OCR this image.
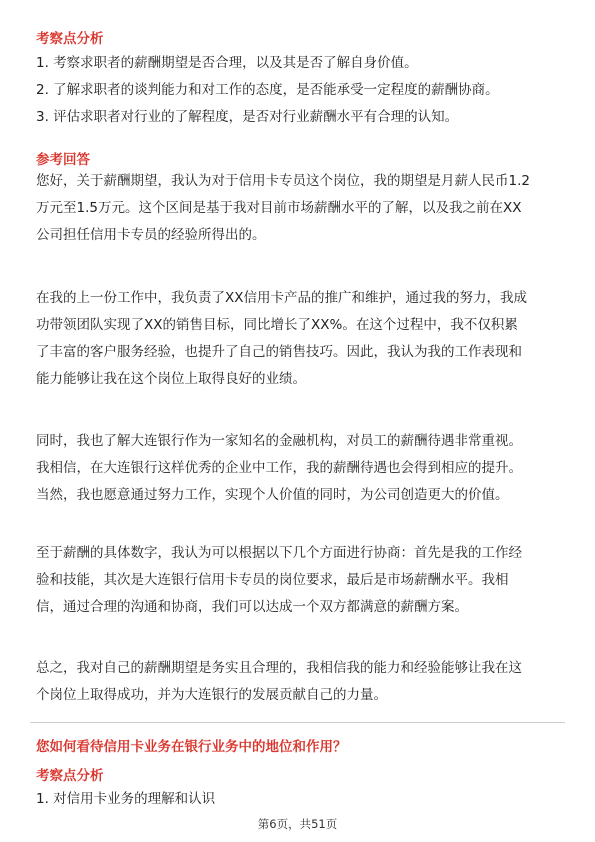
考察点分析
1. 考察求职者的薪酬期望是否合理，以及其是否了解自身价值。
2. 了解求职者的谈判能力和对工作的态度，是否能承受一定程度的薪酬协商。
3. 评估求职者对行业的了解程度，是否对行业薪酬水平有合理的认知。
参考回答
您好，关于薪酬期望，我认为对于信用卡专员这个岗位，我的期望是月薪人民币1.2
万元至1.5万元。这个区间是基于我对目前市场薪酬水平的了解，以及我之前在XX
公司担任信用卡专员的经验所得出的。
在我的上一份工作中，我负责了XX信用卡产品的推广和维护，通过我的努力，我成
功带领团队实现了XX的销售目标，同比增长了XX%。在这个过程中，我不仅积累
了丰富的客户服务经验，也提升了自己的销售技巧。因此，我认为我的工作表现和
能力能够让我在这个岗位上取得良好的业绩。
同时，我也了解大连银行作为一家知名的金融机构，对员工的薪酬待遇非常重视。
我相信，在大连银行这样优秀的企业中工作，我的薪酬待遇也会得到相应的提升。
当然，我也愿意通过努力工作，实现个人价值的同时，为公司创造更大的价值。
至于薪酬的具体数字，我认为可以根据以下几个方面进行协商：首先是我的工作经
验和技能，其次是大连银行信用卡专员的岗位要求，最后是市场薪酬水平。我相
信，通过合理的沟通和协商，我们可以达成一个双方都满意的薪酬方案。
总之，我对自己的薪酬期望是务实且合理的，我相信我的能力和经验能够让我在这
个岗位上取得成功，并为大连银行的发展贡献自己的力量。
您如何看待信用卡业务在银行业务中的地位和作用？
考察点分析
1. 对信用卡业务的理解和认识
第6页，共51页
